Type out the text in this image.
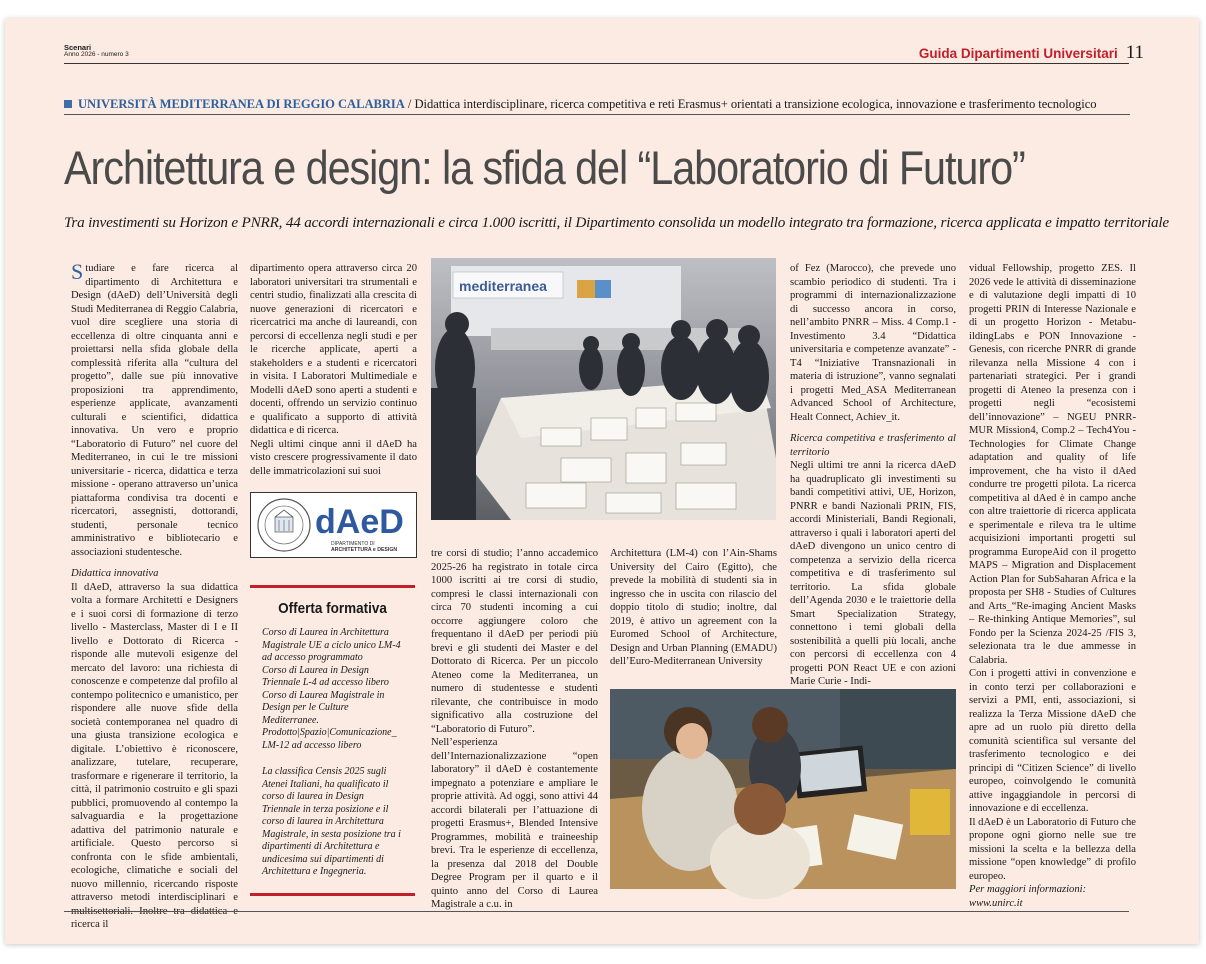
Scenari
Anno 2026 - numero 3	Guida Dipartimenti Universitari 11
UNIVERSITÀ MEDITERRANEA DI REGGIO CALABRIA / Didattica interdisciplinare, ricerca competitiva e reti Erasmus+ orientati a transizione ecologica, innovazione e trasferimento tecnologico
Architettura e design: la sfida del “Laboratorio di Futuro”
Tra investimenti su Horizon e PNRR, 44 accordi internazionali e circa 1.000 iscritti, il Dipartimento consolida un modello integrato tra formazione, ricerca applicata e impatto territoriale

Studiare e fare ricerca al dipartimento di Architettura e Design (dAeD) dell’Università degli Studi Mediterranea di Reggio Calabria, vuol dire scegliere una storia di eccellenza di oltre cinquanta anni e proiettarsi nella sfida globale della complessità riferita alla “cultura del progetto”, dalle sue più innovative proposizioni tra apprendimento, esperienze applicate, avanzamenti culturali e scientifici, didattica innovativa. Un vero e proprio “Laboratorio di Futuro” nel cuore del Mediterraneo, in cui le tre missioni universitarie - ricerca, didattica e terza missione - operano attraverso un’unica piattaforma condivisa tra docenti e ricercatori, assegnisti, dottorandi, studenti, personale tecnico amministrativo e bibliotecario e associazioni studentesche.

Didattica innovativa

Il dAeD, attraverso la sua didattica volta a formare Architetti e Designers e i suoi corsi di formazione di terzo livello - Masterclass, Master di I e II livello e Dottorato di Ricerca - risponde alle mutevoli esigenze del mercato del lavoro: una richiesta di conoscenze e competenze dal profilo al contempo politecnico e umanistico, per rispondere alle nuove sfide della società contemporanea nel quadro di una giusta transizione ecologica e digitale. L’obiettivo è riconoscere, analizzare, tutelare, recuperare, trasformare e rigenerare il territorio, la città, il patrimonio costruito e gli spazi pubblici, promuovendo al contempo la salvaguardia e la progettazione adattiva del patrimonio naturale e artificiale. Questo percorso si confronta con le sfide ambientali, ecologiche, climatiche e sociali del nuovo millennio, ricercando risposte attraverso metodi interdisciplinari e multisettoriali. Inoltre tra didattica e ricerca il

dipartimento opera attraverso circa 20 laboratori universitari tra strumentali e centri studio, finalizzati alla crescita di nuove generazioni di ricercatori e ricercatrici ma anche di laureandi, con percorsi di eccellenza negli studi e per le ricerche applicate, aperti a stakeholders e a studenti e ricercatori in visita. I Laboratori Multimediale e Modelli dAeD sono aperti a studenti e docenti, offrendo un servizio continuo e qualificato a supporto di attività didattica e di ricerca.

Negli ultimi cinque anni il dAeD ha visto crescere progressivamente il dato delle immatricolazioni sui suoi

dAeD
DIPARTIMENTO DI
ARCHITETTURA e DESIGN
Offerta formativa

Corso di Laurea in Architettura Magistrale UE a ciclo unico LM-4 ad accesso programmato

Corso di Laurea in Design Triennale L-4 ad accesso libero

Corso di Laurea Magistrale in Design per le Culture Mediterranee. Prodotto|Spazio|Comunicazione_ LM-12 ad accesso libero

La classifica Censis 2025 sugli Atenei Italiani, ha qualificato il corso di laurea in Design Triennale in terza posizione e il corso di laurea in Architettura Magistrale, in sesta posizione tra i dipartimenti di Architettura e undicesima sui dipartimenti di Architettura e Ingegneria.
mediterranea

tre corsi di studio; l’anno accademico 2025-26 ha registrato in totale circa 1000 iscritti ai tre corsi di studio, compresi le classi internazionali con circa 70 studenti incoming a cui occorre aggiungere coloro che frequentano il dAeD per periodi più brevi e gli studenti dei Master e del Dottorato di Ricerca. Per un piccolo Ateneo come la Mediterranea, un numero di studentesse e studenti rilevante, che contribuisce in modo significativo alla costruzione del “Laboratorio di Futuro”.

Nell’esperienza dell’Internazionalizzazione “open laboratory” il dAeD è costantemente impegnato a potenziare e ampliare le proprie attività. Ad oggi, sono attivi 44 accordi bilaterali per l’attuazione di progetti Erasmus+, Blended Intensive Programmes, mobilità e traineeship brevi. Tra le esperienze di eccellenza, la presenza dal 2018 del Double Degree Program per il quarto e il quinto anno del Corso di Laurea Magistrale a c.u. in

Architettura (LM-4) con l’Ain-Shams University del Cairo (Egitto), che prevede la mobilità di studenti sia in ingresso che in uscita con rilascio del doppio titolo di studio; inoltre, dal 2019, è attivo un agreement con la Euromed School of Architecture, Design and Urban Planning (EMADU) dell’Euro-Mediterranean University

of Fez (Marocco), che prevede uno scambio periodico di studenti. Tra i programmi di internazionalizzazione di successo ancora in corso, nell’ambito PNRR – Miss. 4 Comp.1 - Investimento 3.4 “Didattica universitaria e competenze avanzate” - T4 “Iniziative Transnazionali in materia di istruzione”, vanno segnalati i progetti Med_ASA Mediterranean Advanced School of Architecture, Healt Connect, Achiev_it.

Ricerca competitiva e trasferimento al territorio

Negli ultimi tre anni la ricerca dAeD ha quadruplicato gli investimenti su bandi competitivi attivi, UE, Horizon, PNRR e bandi Nazionali PRIN, FIS, accordi Ministeriali, Bandi Regionali, attraverso i quali i laboratori aperti del dAeD divengono un unico centro di competenza a servizio della ricerca competitiva e di trasferimento sul territorio. La sfida globale dell’Agenda 2030 e le traiettorie della Smart Specialization Strategy, connettono i temi globali della sostenibilità a quelli più locali, anche con percorsi di eccellenza con 4 progetti PON React UE e con azioni Marie Curie - Indi-

vidual Fellowship, progetto ZES. Il 2026 vede le attività di disseminazione e di valutazione degli impatti di 10 progetti PRIN di Interesse Nazionale e di un progetto Horizon - Metabu-ildingLabs e PON Innovazione - Genesis, con ricerche PNRR di grande rilevanza nella Missione 4 con i partenariati strategici. Per i grandi progetti di Ateneo la presenza con i progetti negli “ecosistemi dell’innovazione” – NGEU PNRR- MUR Mission4, Comp.2 – Tech4You - Technologies for Climate Change adaptation and quality of life improvement, che ha visto il dAed condurre tre progetti pilota. La ricerca competitiva al dAed è in campo anche con altre traiettorie di ricerca applicata e sperimentale e rileva tra le ultime acquisizioni importanti progetti sul programma EuropeAid con il progetto MAPS – Migration and Displacement Action Plan for SubSaharan Africa e la proposta per SH8 - Studies of Cultures and Arts_“Re-imaging Ancient Masks – Re-thinking Antique Memories”, sul Fondo per la Scienza 2024-25 /FIS 3, selezionata tra le due ammesse in Calabria.

Con i progetti attivi in convenzione e in conto terzi per collaborazioni e servizi a PMI, enti, associazioni, si realizza la Terza Missione dAeD che apre ad un ruolo più diretto della comunità scientifica sul versante del trasferimento tecnologico e dei principi di “Citizen Science” di livello europeo, coinvolgendo le comunità attive ingaggiandole in percorsi di innovazione e di eccellenza.

Il dAeD è un Laboratorio di Futuro che propone ogni giorno nelle sue tre missioni la scelta e la bellezza della missione “open knowledge” di profilo europeo.

Per maggiori informazioni:

www.unirc.it
